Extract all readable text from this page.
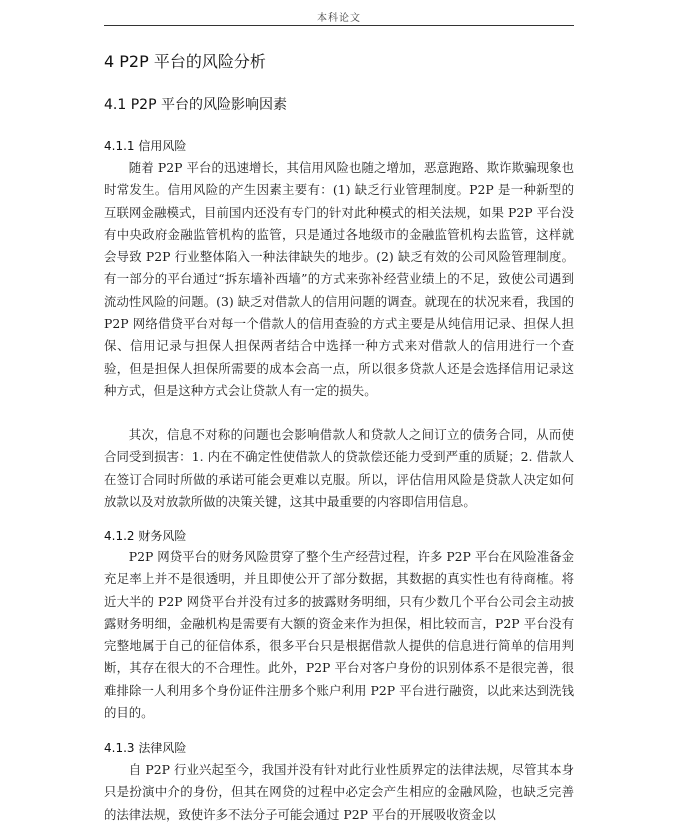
本科论文
4 P2P 平台的风险分析
4.1 P2P 平台的风险影响因素
4.1.1 信用风险

随着 P2P 平台的迅速增长，其信用风险也随之增加，恶意跑路、欺诈欺骗现象也时常发生。信用风险的产生因素主要有：(1) 缺乏行业管理制度。P2P 是一种新型的互联网金融模式，目前国内还没有专门的针对此种模式的相关法规，如果 P2P 平台没有中央政府金融监管机构的监管，只是通过各地级市的金融监管机构去监管，这样就会导致 P2P 行业整体陷入一种法律缺失的地步。(2) 缺乏有效的公司风险管理制度。有一部分的平台通过“拆东墙补西墙”的方式来弥补经营业绩上的不足，致使公司遇到流动性风险的问题。(3) 缺乏对借款人的信用问题的调查。就现在的状况来看，我国的 P2P 网络借贷平台对每一个借款人的信用查验的方式主要是从纯信用记录、担保人担保、信用记录与担保人担保两者结合中选择一种方式来对借款人的信用进行一个查验，但是担保人担保所需要的成本会高一点，所以很多贷款人还是会选择信用记录这种方式，但是这种方式会让贷款人有一定的损失。

其次，信息不对称的问题也会影响借款人和贷款人之间订立的债务合同，从而使合同受到损害：1. 内在不确定性使借款人的贷款偿还能力受到严重的质疑；2. 借款人在签订合同时所做的承诺可能会更难以克服。所以，评估信用风险是贷款人决定如何放款以及对放款所做的决策关键，这其中最重要的内容即信用信息。

4.1.2 财务风险

P2P 网贷平台的财务风险贯穿了整个生产经营过程，许多 P2P 平台在风险准备金充足率上并不是很透明，并且即使公开了部分数据，其数据的真实性也有待商榷。将近大半的 P2P 网贷平台并没有过多的披露财务明细，只有少数几个平台公司会主动披露财务明细，金融机构是需要有大额的资金来作为担保，相比较而言，P2P 平台没有完整地属于自己的征信体系，很多平台只是根据借款人提供的信息进行简单的信用判断，其存在很大的不合理性。此外，P2P 平台对客户身份的识别体系不是很完善，很难排除一人利用多个身份证件注册多个账户利用 P2P 平台进行融资，以此来达到洗钱的目的。

4.1.3 法律风险

自 P2P 行业兴起至今，我国并没有针对此行业性质界定的法律法规，尽管其本身只是扮演中介的身份，但其在网贷的过程中必定会产生相应的金融风险，也缺乏完善的法律法规，致使许多不法分子可能会通过 P2P 平台的开展吸收资金以
